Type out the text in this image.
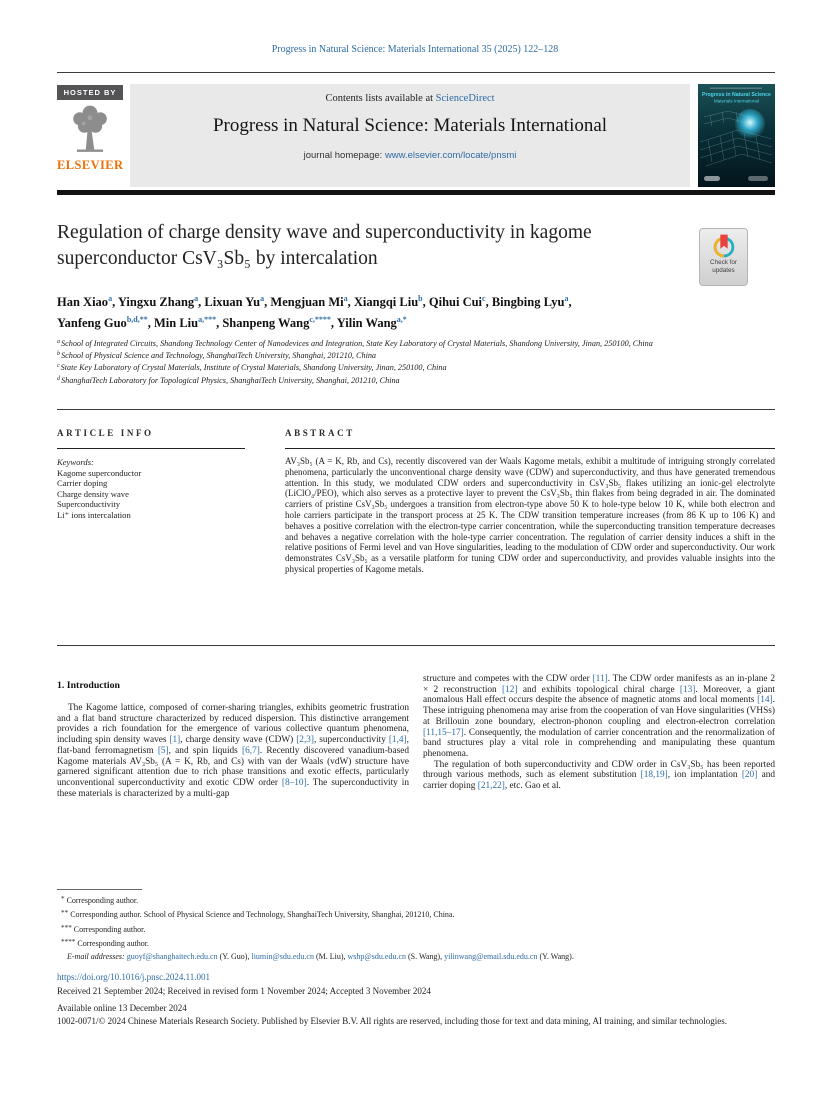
Progress in Natural Science: Materials International 35 (2025) 122–128
HOSTED BY
ELSEVIER
Contents lists available at ScienceDirect
Progress in Natural Science: Materials International
journal homepage: www.elsevier.com/locate/pnsmi
Progress in Natural Science
Materials International
Regulation of charge density wave and superconductivity in kagome superconductor CsV₃Sb₅ by intercalation	Check for
updates
Han Xiao$^a$, Yingxu Zhang$^a$, Lixuan Yu$^a$, Mengjuan Mi$^a$, Xiangqi Liu$^b$, Qihui Cui$^c$, Bingbing Lyu$^a$,
Yanfeng Guo$^{b,d,**}$, Min Liu$^{a,***}$, Shanpeng Wang$^{c,****}$, Yilin Wang$^{a,*}$
$^a$School of Integrated Circuits, Shandong Technology Center of Nanodevices and Integration, State Key Laboratory of Crystal Materials, Shandong University, Jinan, 250100, China
$^b$School of Physical Science and Technology, ShanghaiTech University, Shanghai, 201210, China
$^c$State Key Laboratory of Crystal Materials, Institute of Crystal Materials, Shandong University, Jinan, 250100, China
$^d$ShanghaiTech Laboratory for Topological Physics, ShanghaiTech University, Shanghai, 201210, China
ARTICLE INFO	ABSTRACT
Keywords:
Kagome superconductor
Carrier doping
Charge density wave
Superconductivity
Li⁺ ions intercalation
AV₃Sb₅ (A = K, Rb, and Cs), recently discovered van der Waals Kagome metals, exhibit a multitude of intriguing strongly correlated phenomena, particularly the unconventional charge density wave (CDW) and superconductivity, and thus have generated tremendous attention. In this study, we modulated CDW orders and superconductivity in CsV₃Sb₅ flakes utilizing an ionic-gel electrolyte (LiClO₄/PEO), which also serves as a protective layer to prevent the CsV₃Sb₅ thin flakes from being degraded in air. The dominated carriers of pristine CsV₃Sb₅ undergoes a transition from electron-type above 50 K to hole-type below 10 K, while both electron and hole carriers participate in the transport process at 25 K. The CDW transition temperature increases (from 86 K up to 106 K) and behaves a positive correlation with the electron-type carrier concentration, while the superconducting transition temperature decreases and behaves a negative correlation with the hole-type carrier concentration. The regulation of carrier density induces a shift in the relative positions of Fermi level and van Hove singularities, leading to the modulation of CDW order and superconductivity. Our work demonstrates CsV₃Sb₅ as a versatile platform for tuning CDW order and superconductivity, and provides valuable insights into the physical properties of Kagome metals.
1. Introduction

The Kagome lattice, composed of corner-sharing triangles, exhibits geometric frustration and a flat band structure characterized by reduced dispersion. This distinctive arrangement provides a rich foundation for the emergence of various collective quantum phenomena, including spin density waves [1], charge density wave (CDW) [2,3], superconductivity [1,4], flat-band ferromagnetism [5], and spin liquids [6,7]. Recently discovered vanadium-based Kagome materials AV₃Sb₅ (A = K, Rb, and Cs) with van der Waals (vdW) structure have garnered significant attention due to rich phase transitions and exotic effects, particularly unconventional superconductivity and exotic CDW order [8–10]. The superconductivity in these materials is characterized by a multi-gap

structure and competes with the CDW order [11]. The CDW order manifests as an in-plane 2 × 2 reconstruction [12] and exhibits topological chiral charge [13]. Moreover, a giant anomalous Hall effect occurs despite the absence of magnetic atoms and local moments [14]. These intriguing phenomena may arise from the cooperation of van Hove singularities (VHSs) at Brillouin zone boundary, electron-phonon coupling and electron-electron correlation [11,15–17]. Consequently, the modulation of carrier concentration and the renormalization of band structures play a vital role in comprehending and manipulating these quantum phenomena.

The regulation of both superconductivity and CDW order in CsV₃Sb₅ has been reported through various methods, such as element substitution [18,19], ion implantation [20] and carrier doping [21,22], etc. Gao et al.

* Corresponding author.
** Corresponding author. School of Physical Science and Technology, ShanghaiTech University, Shanghai, 201210, China.
*** Corresponding author.
**** Corresponding author.
E-mail addresses: guoyf@shanghaitech.edu.cn (Y. Guo), liumin@sdu.edu.cn (M. Liu), wshp@sdu.edu.cn (S. Wang), yilinwang@email.sdu.edu.cn (Y. Wang).
https://doi.org/10.1016/j.pnsc.2024.11.001
Received 21 September 2024; Received in revised form 1 November 2024; Accepted 3 November 2024
Available online 13 December 2024
1002-0071/© 2024 Chinese Materials Research Society. Published by Elsevier B.V. All rights are reserved, including those for text and data mining, AI training, and similar technologies.
